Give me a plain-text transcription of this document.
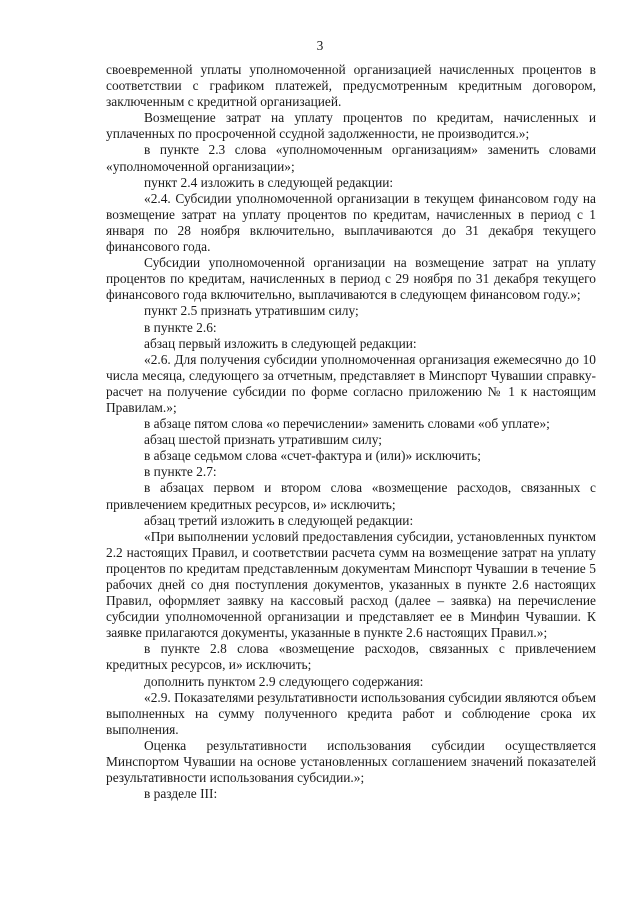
3

своевременной уплаты уполномоченной организацией начисленных процентов в соответствии с графиком платежей, предусмотренным кредитным договором, заключенным с кредитной организацией.

Возмещение затрат на уплату процентов по кредитам, начисленных и уплаченных по просроченной ссудной задолженности, не производится.»;

в пункте 2.3 слова «уполномоченным организациям» заменить словами «уполномоченной организации»;

пункт 2.4 изложить в следующей редакции:

«2.4. Субсидии уполномоченной организации в текущем финансовом году на возмещение затрат на уплату процентов по кредитам, начисленных в период с 1 января по 28 ноября включительно, выплачиваются до 31 декабря текущего финансового года.

Субсидии уполномоченной организации на возмещение затрат на уплату процентов по кредитам, начисленных в период с 29 ноября по 31 декабря текущего финансового года включительно, выплачиваются в следующем финансовом году.»;

пункт 2.5 признать утратившим силу;

в пункте 2.6:

абзац первый изложить в следующей редакции:

«2.6. Для получения субсидии уполномоченная организация ежемесячно до 10 числа месяца, следующего за отчетным, представляет в Минспорт Чувашии справку-расчет на получение субсидии по форме согласно приложению № 1 к настоящим Правилам.»;

в абзаце пятом слова «о перечислении» заменить словами «об уплате»;

абзац шестой признать утратившим силу;

в абзаце седьмом слова «счет-фактура и (или)» исключить;

в пункте 2.7:

в абзацах первом и втором слова «возмещение расходов, связанных с привлечением кредитных ресурсов, и» исключить;

абзац третий изложить в следующей редакции:

«При выполнении условий предоставления субсидии, установленных пунктом 2.2 настоящих Правил, и соответствии расчета сумм на возмещение затрат на уплату процентов по кредитам представленным документам Минспорт Чувашии в течение 5 рабочих дней со дня поступления документов, указанных в пункте 2.6 настоящих Правил, оформляет заявку на кассовый расход (далее – заявка) на перечисление субсидии уполномоченной организации и представляет ее в Минфин Чувашии. К заявке прилагаются документы, указанные в пункте 2.6 настоящих Правил.»;

в пункте 2.8 слова «возмещение расходов, связанных с привлечением кредитных ресурсов, и» исключить;

дополнить пунктом 2.9 следующего содержания:

«2.9. Показателями результативности использования субсидии являются объем выполненных на сумму полученного кредита работ и соблюдение срока их выполнения.

Оценка результативности использования субсидии осуществляется Минспортом Чувашии на основе установленных соглашением значений показателей результативности использования субсидии.»;

в разделе III:
